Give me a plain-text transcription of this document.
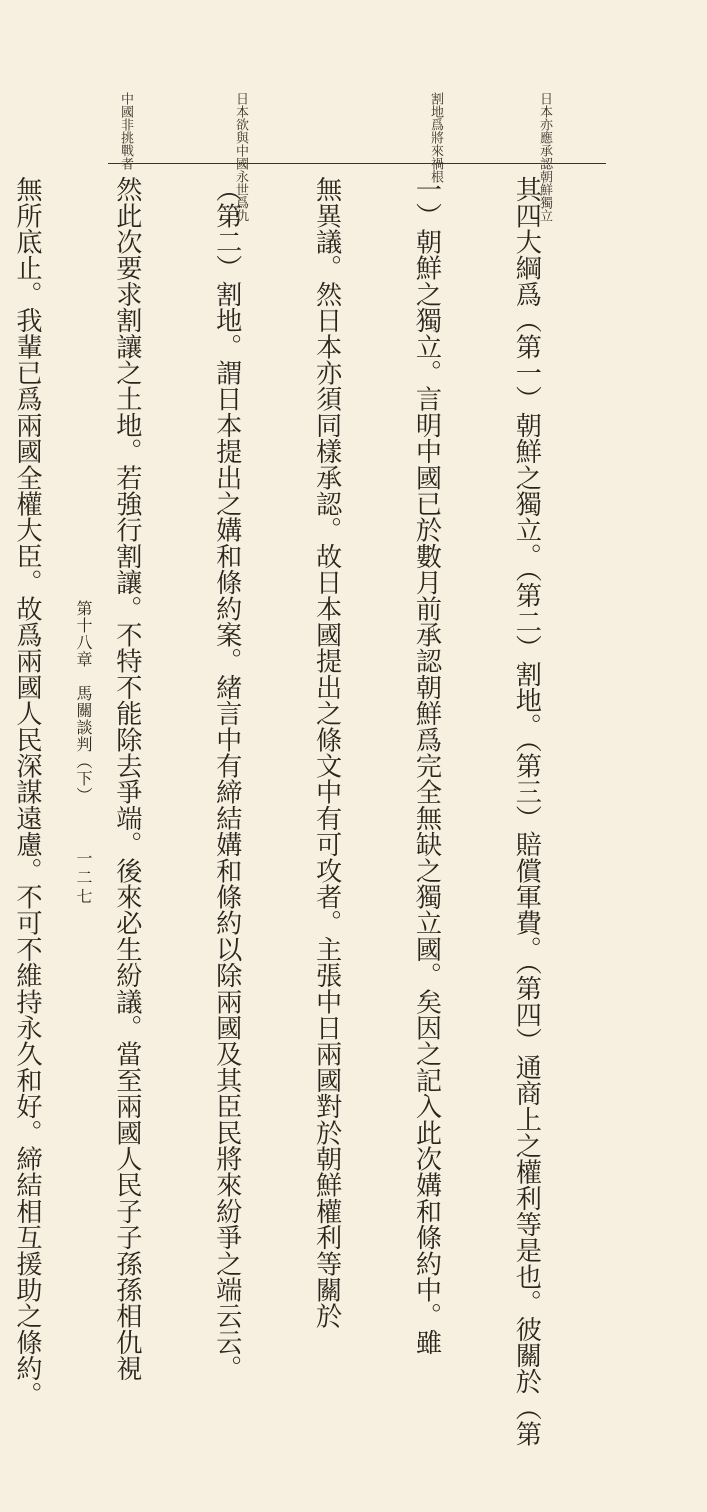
日本亦應承認朝鮮獨立
割地爲將來禍根
日本欲與中國永世爲仇
中國非挑戰者

其四大綱爲（第一）朝鮮之獨立。（第二）割地。（第三）賠償軍費。（第四）通商上之權利等是也。彼關於（第

一）朝鮮之獨立。言明中國已於數月前承認朝鮮爲完全無缺之獨立國。矣因之記入此次媾和條約中。雖

無異議。然日本亦須同樣承認。故日本國提出之條文中有可攻者。主張中日兩國對於朝鮮權利等關於

（第二）割地。謂日本提出之媾和條約案。緒言中有締結媾和條約以除兩國及其臣民將來紛爭之端云云。

然此次要求割讓之土地。若強行割讓。不特不能除去爭端。後來必生紛議。當至兩國人民子子孫孫相仇視

無所底止。我輩已爲兩國全權大臣。故爲兩國人民深謀遠慮。不可不維持永久和好。締結相互援助之條約。

第十八章　馬關談判（下）
一二七
